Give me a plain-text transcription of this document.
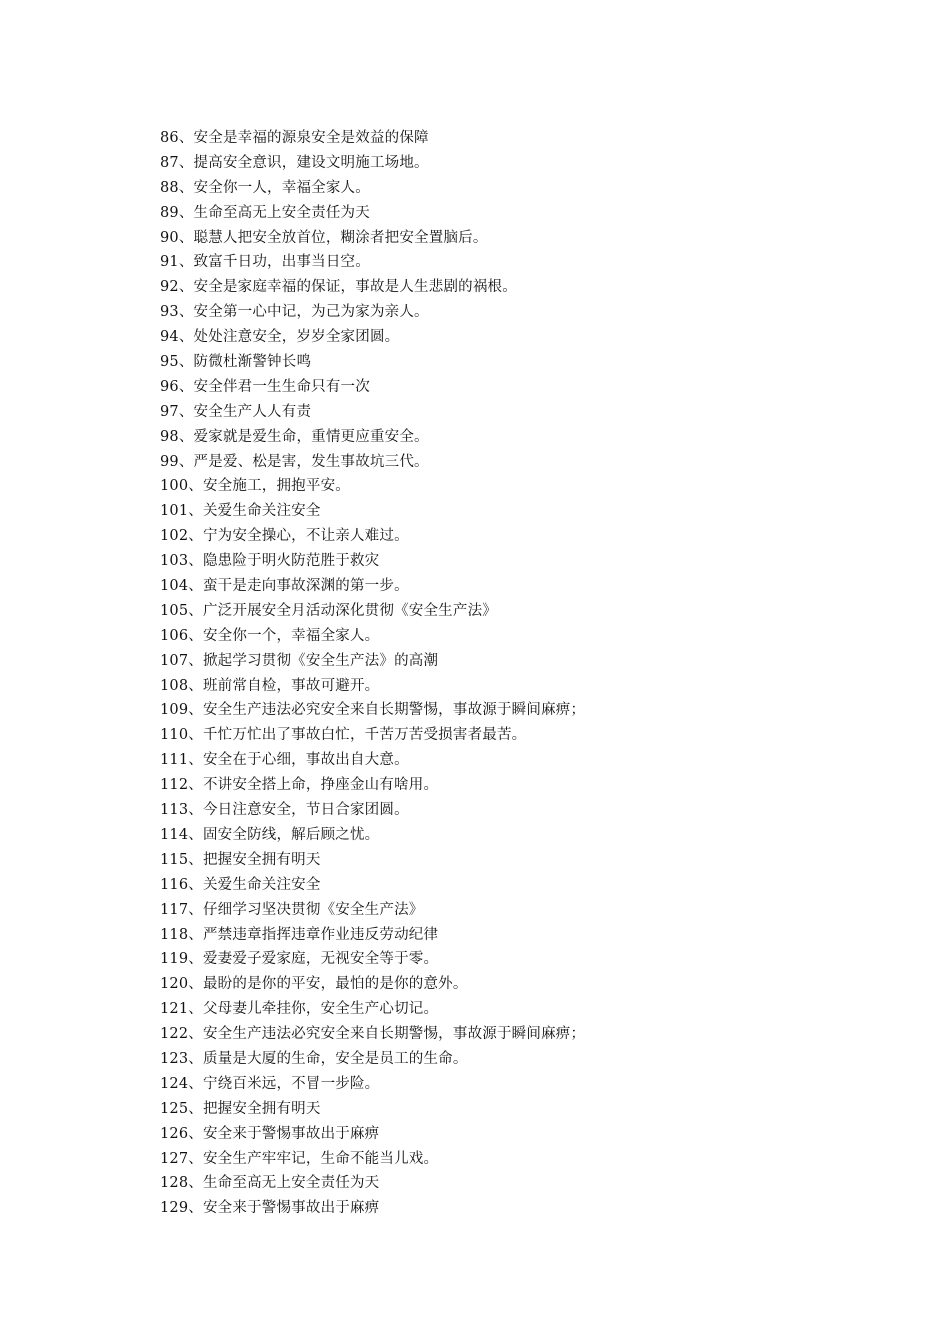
86、安全是幸福的源泉安全是效益的保障
87、提高安全意识，建设文明施工场地。
88、安全你一人，幸福全家人。
89、生命至高无上安全责任为天
90、聪慧人把安全放首位，糊涂者把安全置脑后。
91、致富千日功，出事当日空。
92、安全是家庭幸福的保证，事故是人生悲剧的祸根。
93、安全第一心中记，为己为家为亲人。
94、处处注意安全，岁岁全家团圆。
95、防微杜渐警钟长鸣
96、安全伴君一生生命只有一次
97、安全生产人人有责
98、爱家就是爱生命，重情更应重安全。
99、严是爱、松是害，发生事故坑三代。
100、安全施工，拥抱平安。
101、关爱生命关注安全
102、宁为安全操心，不让亲人难过。
103、隐患险于明火防范胜于救灾
104、蛮干是走向事故深渊的第一步。
105、广泛开展安全月活动深化贯彻《安全生产法》
106、安全你一个，幸福全家人。
107、掀起学习贯彻《安全生产法》的高潮
108、班前常自检，事故可避开。
109、安全生产违法必究安全来自长期警惕，事故源于瞬间麻痹；
110、千忙万忙出了事故白忙，千苦万苦受损害者最苦。
111、安全在于心细，事故出自大意。
112、不讲安全搭上命，挣座金山有啥用。
113、今日注意安全，节日合家团圆。
114、固安全防线，解后顾之忧。
115、把握安全拥有明天
116、关爱生命关注安全
117、仔细学习坚决贯彻《安全生产法》
118、严禁违章指挥违章作业违反劳动纪律
119、爱妻爱子爱家庭，无视安全等于零。
120、最盼的是你的平安，最怕的是你的意外。
121、父母妻儿牵挂你，安全生产心切记。
122、安全生产违法必究安全来自长期警惕，事故源于瞬间麻痹；
123、质量是大厦的生命，安全是员工的生命。
124、宁绕百米远，不冒一步险。
125、把握安全拥有明天
126、安全来于警惕事故出于麻痹
127、安全生产牢牢记，生命不能当儿戏。
128、生命至高无上安全责任为天
129、安全来于警惕事故出于麻痹
